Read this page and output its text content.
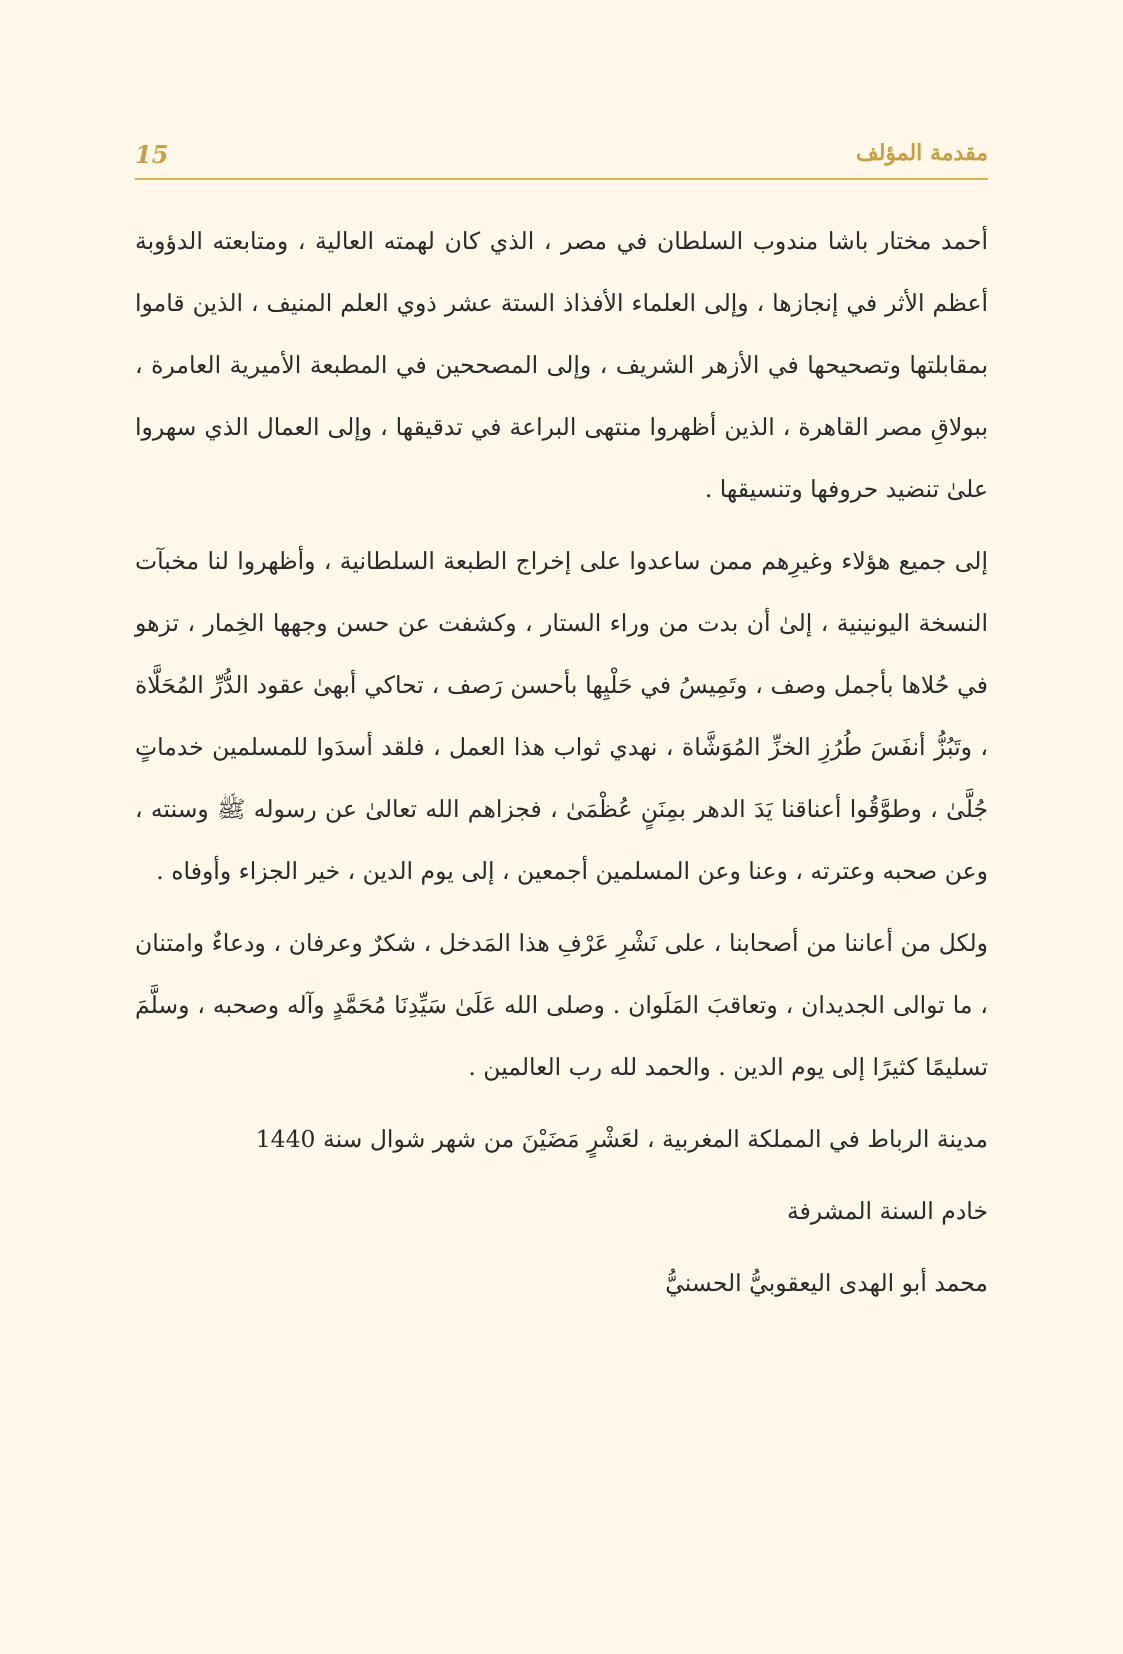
مقدمة المؤلف
15

أحمد مختار باشا مندوب السلطان في مصر ، الذي كان لهمته العالية ، ومتابعته الدؤوبة أعظم الأثر في إنجازها ، وإلى العلماء الأفذاذ الستة عشر ذوي العلم المنيف ، الذين قاموا بمقابلتها وتصحيحها في الأزهر الشريف ، وإلى المصححين في المطبعة الأميرية العامرة ، ببولاقِ مصر القاهرة ، الذين أظهروا منتهى البراعة في تدقيقها ، وإلى العمال الذي سهروا علىٰ تنضيد حروفها وتنسيقها .

إلى جميع هؤلاء وغيرِهم ممن ساعدوا على إخراج الطبعة السلطانية ، وأظهروا لنا مخبآت النسخة اليونينية ، إلىٰ أن بدت من وراء الستار ، وكشفت عن حسن وجهها الخِمار ، تزهو في حُلاها بأجمل وصف ، وتَمِيسُ في حَلْيِها بأحسن رَصف ، تحاكي أبهىٰ عقود الدُّرِّ المُحَلَّاة ، وتَبُزُّ أنفَسَ طُرُزِ الخزِّ المُوَشَّاة ، نهدي ثواب هذا العمل ، فلقد أسدَوا للمسلمين خدماتٍ جُلَّىٰ ، وطوَّقُوا أعناقنا يَدَ الدهر بمِنَنٍ عُظْمَىٰ ، فجزاهم الله تعالىٰ عن رسوله ﷺ وسنته ، وعن صحبه وعترته ، وعنا وعن المسلمين أجمعين ، إلى يوم الدين ، خير الجزاء وأوفاه .

ولكل من أعاننا من أصحابنا ، على نَشْرِ عَرْفِ هذا المَدخل ، شكرٌ وعرفان ، ودعاءٌ وامتنان ، ما توالى الجديدان ، وتعاقبَ المَلَوان . وصلى الله عَلَىٰ سَيِّدِنَا مُحَمَّدٍ وآله وصحبه ، وسلَّمَ تسليمًا كثيرًا إلى يوم الدين . والحمد لله رب العالمين .

مدينة الرباط في المملكة المغربية ، لعَشْرٍ مَضَيْنَ من شهر شوال سنة 1440

خادم السنة المشرفة

محمد أبو الهدى اليعقوبيُّ الحسنيُّ
